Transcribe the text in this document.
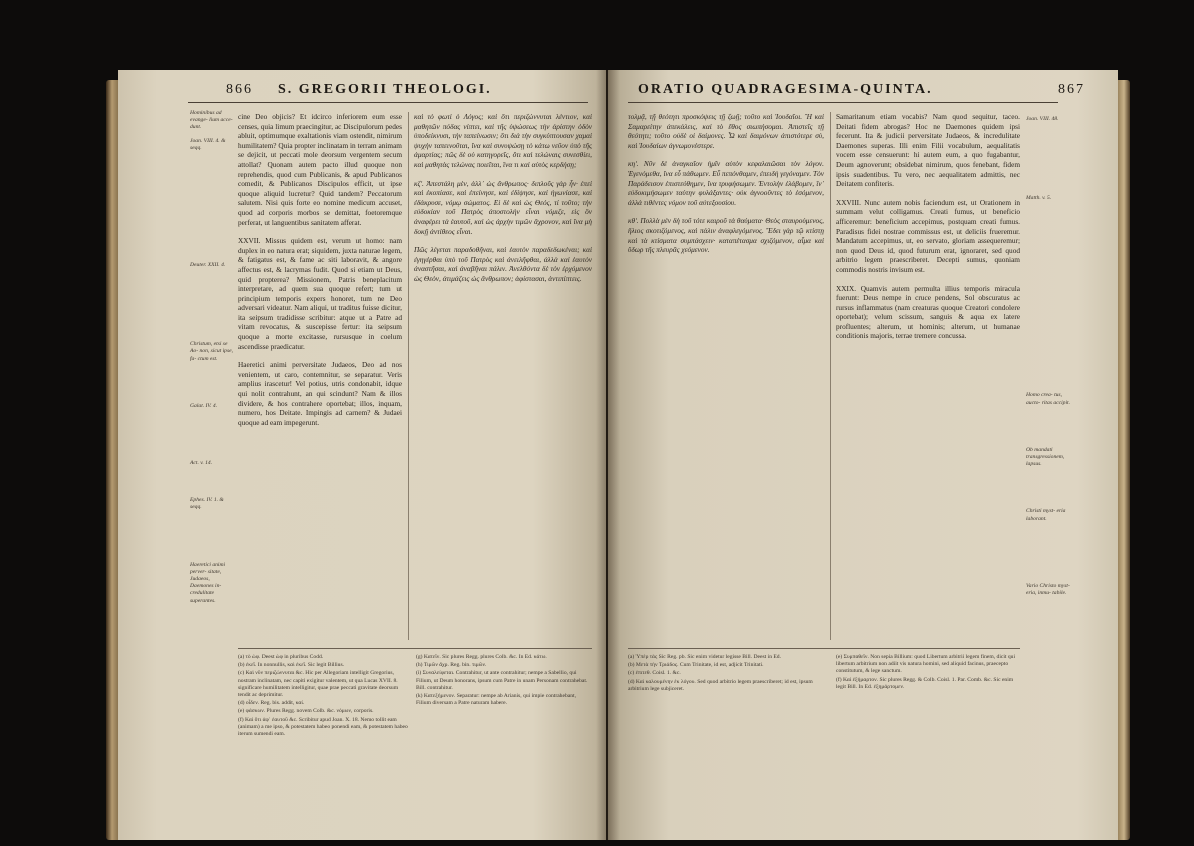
866 S. GREGORII THEOLOGI.

Hominibus ad evange- lium acce- dunt.

Joan. VIII. 4. & seqq.

Deuter. XXII. 4.

Christum, etsi se Ao- non, sicut ipse, fa- ctum est.

Galat. IV. 4.

Act. v. 14.

Ephes. IV. 1. & seqq.

Haeretici animi perver- sitate, Judaeos, Daemones in- credulitate superantes.

cine Deo objicis? Et idcirco inferiorem eum esse censes, quia limum praecingitur, ac Discipulorum pedes abluit, optimumque exaltationis viam ostendit, nimirum humilitatem? Quia propter inclinatam in terram animam se dejicit, ut peccati mole deorsum vergentem secum attollat? Quonam autem pacto illud quoque non reprehendis, quod cum Publicanis, & apud Publicanos comedit, & Publicanos Discipulos efficit, ut ipse quoque aliquid lucretur? Quid tandem? Peccatorum salutem. Nisi quis forte eo nomine medicum accuset, quod ad corporis morbos se demittat, foetoremque perferat, ut languentibus sanitatem afferat.

XXVII. Missus quidem est, verum ut homo: nam duplex in eo natura erat; siquidem, juxta naturae legem, & fatigatus est, & fame ac siti laboravit, & angore affectus est, & lacrymas fudit. Quod si etiam ut Deus, quid propterea? Missionem, Patris beneplacitum interpretare, ad quem sua quoque refert; tum ut principium temporis expers honoret, tum ne Deo adversari videatur. Nam aliqui, ut traditus fuisse dicitur, ita seipsum tradidisse scribitur: atque ut a Patre ad vitam revocatus, & suscepisse fertur: ita seipsum quoque a morte excitasse, rursusque in coelum ascendisse praedicatur.

Haeretici animi perversitate Judaeos, Deo ad nos venientem, ut caro, contemnitur, se separatur. Veris amplius irascetur! Vel potius, utris condonabit, idque qui nolit contrahunt, an qui scindunt? Nam & illos dividere, & hos contrahere oportebat; illos, inquam, numero, hos Deitate. Impingis ad carnem? & Judaei quoque ad eam impegerunt.

καὶ τὸ φωτὶ ὁ Λόγος; καὶ ὅτι περιζώννυται λέντιον, καὶ μαθητῶν πόδας νίπτει, καὶ τῆς ὑψώσεως τὴν ἀρίστην ὁδὸν ὑποδείκνυσι, τὴν ταπείνωσιν; ὅτι διὰ τὴν συγκύπτουσαν χαμαὶ ψυχὴν ταπεινοῦται, ἵνα καὶ συνυψώσῃ τὸ κάτω νεῦον ὑπὸ τῆς ἁμαρτίας; πῶς δὲ οὐ κατηγορεῖς, ὅτι καὶ τελώναις συνεσθίει, καὶ μαθητὰς τελώνας ποιεῖται, ἵνα τι καὶ αὐτὸς κερδήσῃ;

κζʹ. Ἀπεστάλη μὲν, ἀλλ᾽ ὡς ἄνθρωπος· διπλοῦς γὰρ ἦν· ἐπεὶ καὶ ἐκοπίασε, καὶ ἐπείνησε, καὶ ἐδίψησε, καὶ ἠγωνίασε, καὶ ἐδάκρυσε, νόμῳ σώματος. Εἰ δὲ καὶ ὡς Θεός, τί τοῦτο; τὴν εὐδοκίαν τοῦ Πατρὸς ἀποστολὴν εἶναι νόμιζε, εἰς ὃν ἀναφέρει τὰ ἑαυτοῦ, καὶ ὡς ἀρχὴν τιμῶν ἄχρονον, καὶ ἵνα μὴ δοκῇ ἀντίθεος εἶναι.

Πῶς λέγεται παραδοθῆναι, καὶ ἑαυτὸν παραδεδωκέναι; καὶ ἐγηγέρθαι ὑπὸ τοῦ Πατρὸς καὶ ἀνειλῆφθαι, ἀλλὰ καὶ ἑαυτὸν ἀναστῆσαι, καὶ ἀναβῆναι πάλιν. Ἀνελθόντα δὲ τὸν ἐρχόμενον ὡς Θεὸν, ἀτιμάζεις ὡς ἄνθρωπον; ἀφίστασαι, ἀντιπίπτεις.

(a) τὸ ὠφ. Deest ὠφ in pluribus Codd.

(b) ἐκεῖ. In nonnullis, καὶ ἐκεῖ. Sic legit Billius.

(c) Καὶ νῦν περιζώννυται &c. Hic per Allegoriam intelligit Gregorius, nostram inclinatam, nec capiti exigitur valentem, ut qua Lucas XVII. 8. significare humilitatem intelligitur, quae prae peccati gravitate deorsum tendit ac deprimitur.

(d) οἶδεν. Reg. bis. addit, καί.

(e) φάσκων. Plures Regg. novem Colb. &c. νόμων, corporis.

(f) Καὶ ὅτι ἀφ᾽ ἑαυτοῦ &c. Scribitur apud Joan. X. 18. Nemo tollit eam (animam) a me ipso, & potestatem habeo ponendi eam, & potestatem habeo iterum sumendi eam.

(g) Κατεῖν. Sic plures Regg. plures Colb. &c. In Ed. κάτω.

(h) Τιμῶν ἄχρ. Reg. bin. τιμῶν.

(i) Συναλείφεται. Contrahitur, ut ante contrahitur; nempe a Sabellio, qui Filium, ut Deum honorans, ipsum cum Patre in unam Personam contrahebat. Bill. contrahitur.

(k) Κατεξήμενον. Separatur: nempe ab Arianis, qui impie contrahebant, Filium diversam a Patre naturam habere.

ORATIO QUADRAGESIMA-QUINTA.	867

τολμᾷ, τῇ θεότητι προσκόψεις τῇ ζωῇ; τοῦτο καὶ Ἰουδαῖοι. Ἢ καὶ Σαμαρείτην ἀπεκάλεις, καὶ τὸ ἔθος σιωπήσομαι. Ἀπιστεῖς τῇ θεότητι; τοῦτο οὐδὲ οἱ δαίμονες. Ὦ καὶ δαιμόνων ἀπιστότερε σὺ, καὶ Ἰουδαίων ἀγνωμονέστερε.

κηʹ. Νῦν δὲ ἀναγκαῖον ἡμῖν αὐτὸν κεφαλαιῶσαι τὸν λόγον. Ἐγενόμεθα, ἵνα εὖ πάθωμεν. Εὖ πεπόνθαμεν, ἐπειδὴ γεγόναμεν. Τὸν Παράδεισον ἐπιστεύθημεν, ἵνα τρυφήσωμεν. Ἐντολὴν ἐλάβομεν, ἵν᾽ εὐδοκιμήσωμεν ταύτην φυλάξαντες· οὐκ ἀγνοοῦντες τὸ ἐσόμενον, ἀλλὰ τιθέντες νόμον τοῦ αὐτεξουσίου.

κθʹ. Πολλὰ μὲν δὴ τοῦ τότε καιροῦ τὰ θαύματα· Θεὸς σταυρούμενος, ἥλιος σκοτιζόμενος, καὶ πάλιν ἀναφλεγόμενος. Ἔδει γὰρ τῷ κτίστῃ καὶ τὰ κτίσματα συμπάσχειν· καταπέτασμα σχιζόμενον, αἷμα καὶ ὕδωρ τῆς πλευρᾶς χεόμενον.

Samaritanum etiam vocabis? Nam quod sequitur, taceo. Deitati fidem abrogas? Hoc ne Daemones quidem ipsi fecerunt. Ita & judicii perversitate Judaeos, & incredulitate Daemones superas. Illi enim Filii vocabulum, aequalitatis vocem esse censuerunt: hi autem eum, a quo fugabantur, Deum agnoverunt; obsidebat nimirum, quos fenebant, fidem ipsis suadentibus. Tu vero, nec aequalitatem admittis, nec Deitatem confiteris.

XXVIII. Nunc autem nobis faciendum est, ut Orationem in summam velut colligamus. Creati fumus, ut beneficio afficeremur: beneficium accepimus, postquam creati fumus. Paradisus fidei nostrae commissus est, ut deliciis frueremur. Mandatum accepimus, ut, eo servato, gloriam assequeremur; non quod Deus id, quod futurum erat, ignoraret, sed quod arbitrio legem praescriberet. Decepti sumus, quoniam commodis nostris invisum est.

XXIX. Quamvis autem permulta illius temporis miracula fuerunt: Deus nempe in cruce pendens, Sol obscuratus ac rursus inflammatus (nam creaturas quoque Creatori condolere oportebat); velum scissum, sanguis & aqua ex latere profluentes; alterum, ut hominis; alterum, ut humanae conditionis majoris, terrae tremere concussa.

Joan. VIII. 48.

Matth. v. 5.

Homo crea- tus, aucto- ritas accipit.

Ob mandati transgressionem, lapsus.

Christi myst- eria laborant.

Vario Christo myst- eria, inmu- tabile.

(a) Ὑπὲρ τὰς Sic Reg. pb. Sic enim videtur legisse Bill. Deest in Ed.

(b) Μετὰ τὴν Τριάδος. Cum Trinitate, id est, adjicit Trinitati.

(c) ἐπιτεθ. Coisl. 1. &c.

(d) Καὶ καλουμένην ἐκ λόγου. Sed quod arbitrio legem praescriberet; id est, ipsum arbitrium lege subjiceret.

(e) Συμπαθεῖν. Non sepia Billium: quod Libertum arbitrii legem finem, dicit qui libertum arbitrium non adiit vis natura homini, sed aliquid facinus, praecepto constitutum, & lege sanctum.

(f) Καὶ ἐξήμαρτον. Sic plures Regg. & Colb. Coisl. 1. Par. Comb. &c. Sic enim legit Bill. In Ed. ἐξημάρτομεν.
